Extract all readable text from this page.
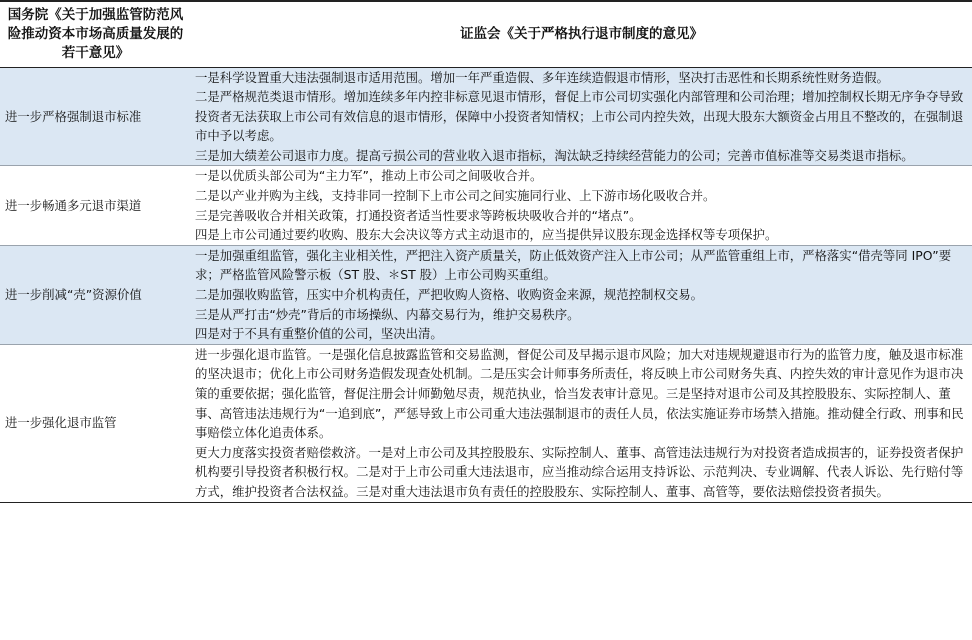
国务院《关于加强监管防范风险推动资本市场高质量发展的若干意见》	证监会《关于严格执行退市制度的意见》
进一步严格强制退市标准	一是科学设置重大违法强制退市适用范围。增加一年严重造假、多年连续造假退市情形，坚决打击恶性和长期系统性财务造假。
二是严格规范类退市情形。增加连续多年内控非标意见退市情形，督促上市公司切实强化内部管理和公司治理；增加控制权长期无序争夺导致投资者无法获取上市公司有效信息的退市情形，保障中小投资者知情权；上市公司内控失效，出现大股东大额资金占用且不整改的，在强制退市中予以考虑。
三是加大绩差公司退市力度。提高亏损公司的营业收入退市指标，淘汰缺乏持续经营能力的公司；完善市值标准等交易类退市指标。

进一步畅通多元退市渠道	一是以优质头部公司为“主力军”，推动上市公司之间吸收合并。
二是以产业并购为主线，支持非同一控制下上市公司之间实施同行业、上下游市场化吸收合并。
三是完善吸收合并相关政策，打通投资者适当性要求等跨板块吸收合并的“堵点”。
四是上市公司通过要约收购、股东大会决议等方式主动退市的，应当提供异议股东现金选择权等专项保护。

进一步削减“壳”资源价值	一是加强重组监管，强化主业相关性，严把注入资产质量关，防止低效资产注入上市公司；从严监管重组上市，严格落实“借壳等同 IPO”要求；严格监管风险警示板（ST 股、＊ST 股）上市公司购买重组。
二是加强收购监管，压实中介机构责任，严把收购人资格、收购资金来源，规范控制权交易。
三是从严打击“炒壳”背后的市场操纵、内幕交易行为，维护交易秩序。
四是对于不具有重整价值的公司，坚决出清。

进一步强化退市监管	进一步强化退市监管。一是强化信息披露监管和交易监测，督促公司及早揭示退市风险；加大对违规规避退市行为的监管力度，触及退市标准的坚决退市；优化上市公司财务造假发现查处机制。二是压实会计师事务所责任，将反映上市公司财务失真、内控失效的审计意见作为退市决策的重要依据；强化监管，督促注册会计师勤勉尽责，规范执业，恰当发表审计意见。三是坚持对退市公司及其控股股东、实际控制人、董事、高管违法违规行为“一追到底”，严惩导致上市公司重大违法强制退市的责任人员，依法实施证券市场禁入措施。推动健全行政、刑事和民事赔偿立体化追责体系。
更大力度落实投资者赔偿救济。一是对上市公司及其控股股东、实际控制人、董事、高管违法违规行为对投资者造成损害的，证券投资者保护机构要引导投资者积极行权。二是对于上市公司重大违法退市，应当推动综合运用支持诉讼、示范判决、专业调解、代表人诉讼、先行赔付等方式，维护投资者合法权益。三是对重大违法退市负有责任的控股股东、实际控制人、董事、高管等，要依法赔偿投资者损失。
